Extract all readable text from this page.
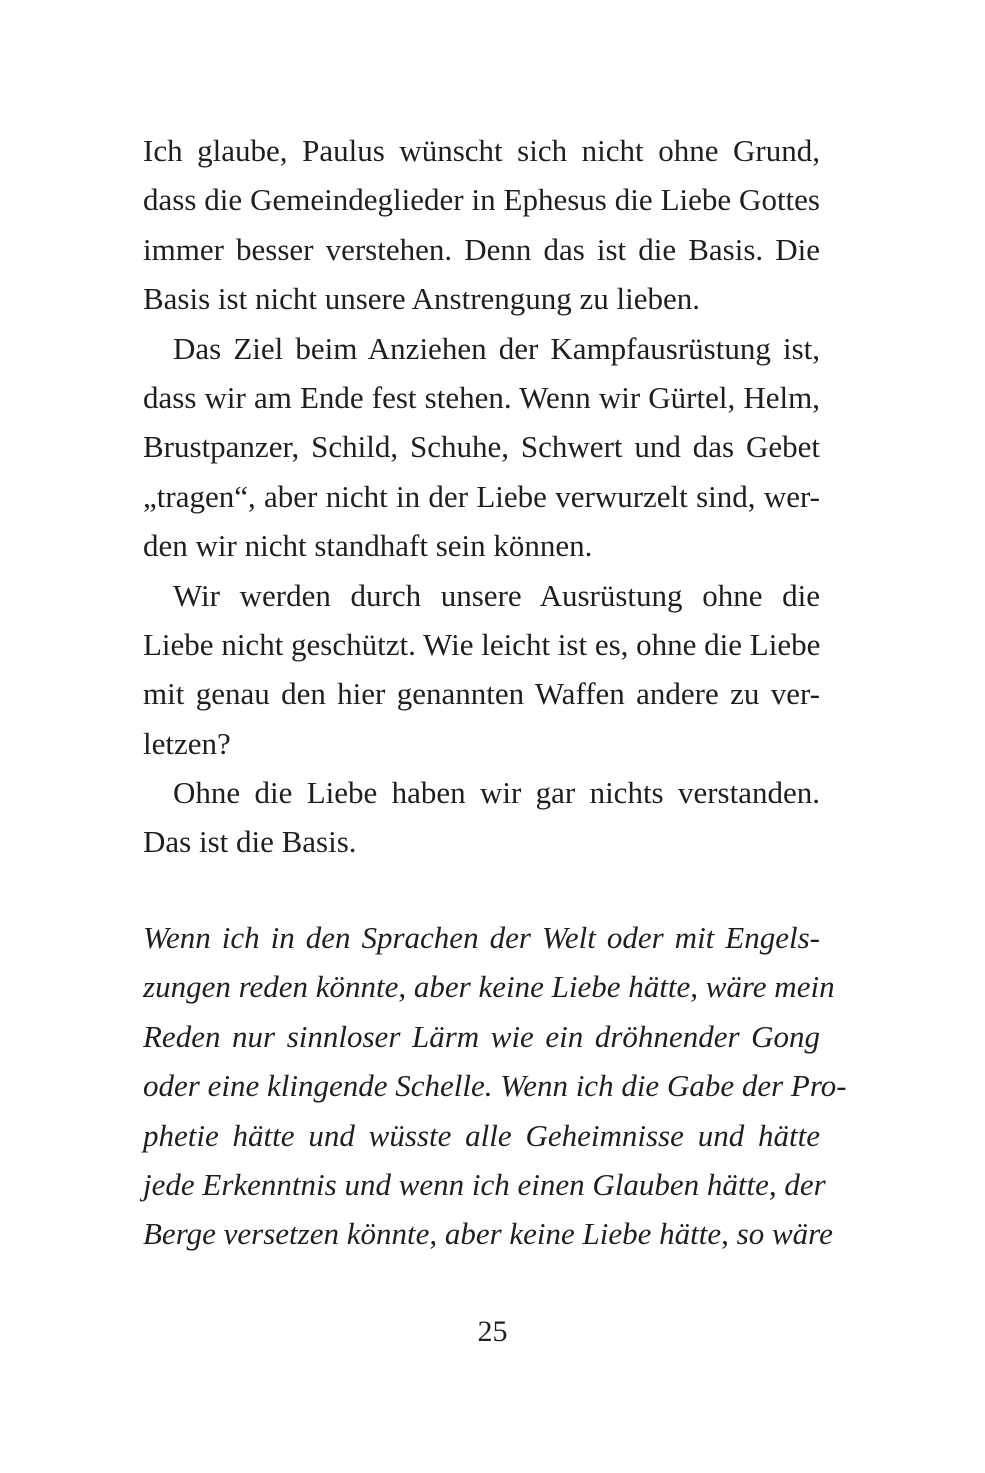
Ich glaube, Paulus wünscht sich nicht ohne Grund,
dass die Gemeindeglieder in Ephesus die Liebe Gottes
immer besser verstehen. Denn das ist die Basis. Die
Basis ist nicht unsere Anstrengung zu lieben.
Das Ziel beim Anziehen der Kampfausrüstung ist,
dass wir am Ende fest stehen. Wenn wir Gürtel, Helm,
Brustpanzer, Schild, Schuhe, Schwert und das Gebet
„tragen“, aber nicht in der Liebe verwurzelt sind, wer-
den wir nicht standhaft sein können.
Wir werden durch unsere Ausrüstung ohne die
Liebe nicht geschützt. Wie leicht ist es, ohne die Liebe
mit genau den hier genannten Waffen andere zu ver-
letzen?
Ohne die Liebe haben wir gar nichts verstanden.
Das ist die Basis.
Wenn ich in den Sprachen der Welt oder mit Engels-
zungen reden könnte, aber keine Liebe hätte, wäre mein
Reden nur sinnloser Lärm wie ein dröhnender Gong
oder eine klingende Schelle. Wenn ich die Gabe der Pro-
phetie hätte und wüsste alle Geheimnisse und hätte
jede Erkenntnis und wenn ich einen Glauben hätte, der
Berge versetzen könnte, aber keine Liebe hätte, so wäre
25
